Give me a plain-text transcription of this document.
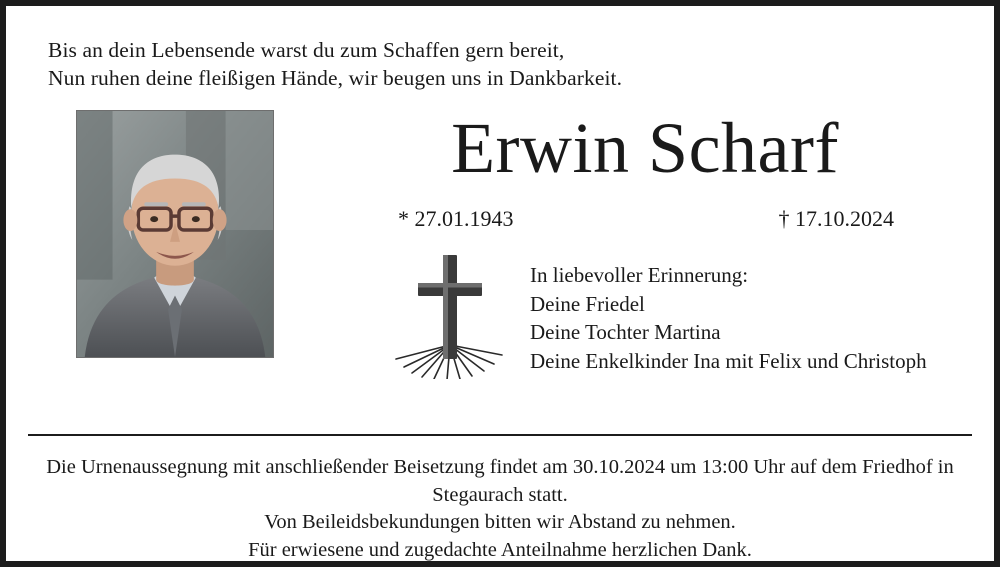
Bis an dein Lebensende warst du zum Schaffen gern bereit,
Nun ruhen deine fleißigen Hände, wir beugen uns in Dankbarkeit.
Erwin Scharf
* 27.01.1943	† 17.10.2024
In liebevoller Erinnerung:
Deine Friedel
Deine Tochter Martina
Deine Enkelkinder Ina mit Felix und Christoph
Die Urnenaussegnung mit anschließender Beisetzung findet am 30.10.2024 um 13:00 Uhr auf dem Friedhof in
Stegaurach statt.
Von Beileidsbekundungen bitten wir Abstand zu nehmen.
Für erwiesene und zugedachte Anteilnahme herzlichen Dank.
